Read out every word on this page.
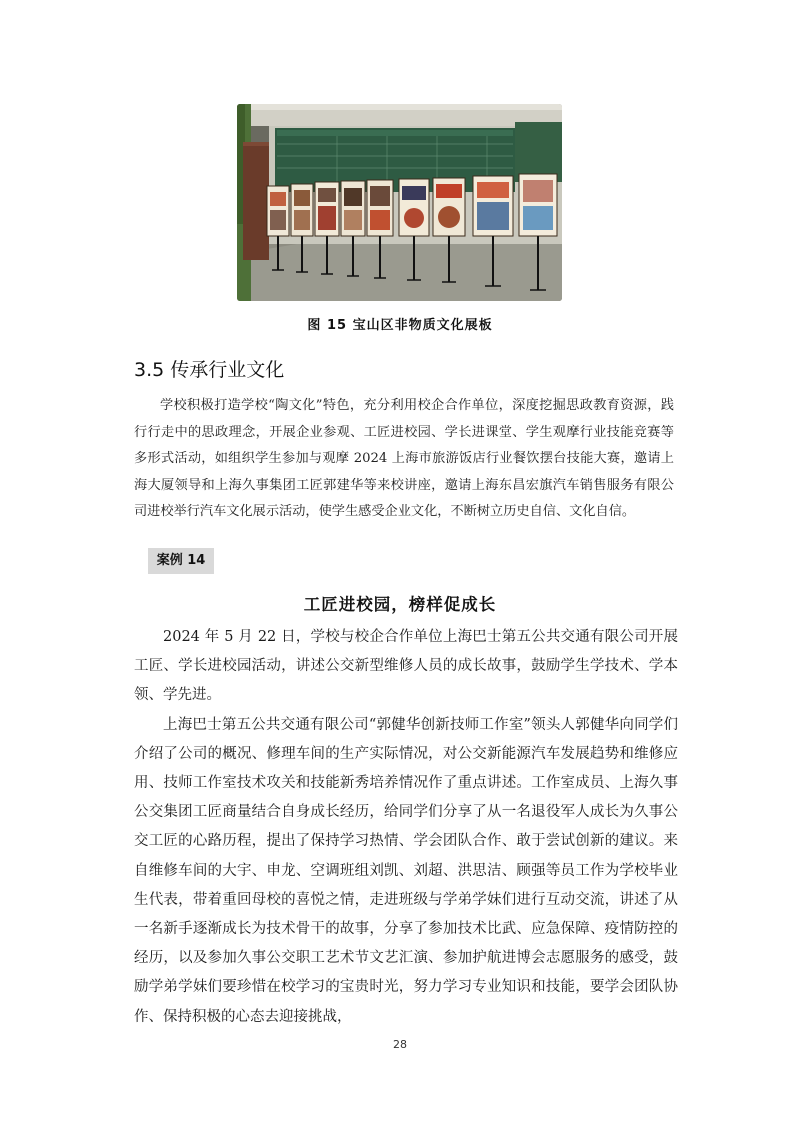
图 15 宝山区非物质文化展板
3.5 传承行业文化

学校积极打造学校“陶文化”特色，充分利用校企合作单位，深度挖掘思政教育资源，践行行走中的思政理念，开展企业参观、工匠进校园、学长进课堂、学生观摩行业技能竞赛等多形式活动，如组织学生参加与观摩 2024 上海市旅游饭店行业餐饮摆台技能大赛，邀请上海大厦领导和上海久事集团工匠郭建华等来校讲座，邀请上海东昌宏旗汽车销售服务有限公司进校举行汽车文化展示活动，使学生感受企业文化，不断树立历史自信、文化自信。

案例 14
工匠进校园，榜样促成长

2024 年 5 月 22 日，学校与校企合作单位上海巴士第五公共交通有限公司开展工匠、学长进校园活动，讲述公交新型维修人员的成长故事，鼓励学生学技术、学本领、学先进。

上海巴士第五公共交通有限公司“郭健华创新技师工作室”领头人郭健华向同学们介绍了公司的概况、修理车间的生产实际情况，对公交新能源汽车发展趋势和维修应用、技师工作室技术攻关和技能新秀培养情况作了重点讲述。工作室成员、上海久事公交集团工匠商量结合自身成长经历，给同学们分享了从一名退役军人成长为久事公交工匠的心路历程，提出了保持学习热情、学会团队合作、敢于尝试创新的建议。来自维修车间的大宇、申龙、空调班组刘凯、刘超、洪思洁、顾强等员工作为学校毕业生代表，带着重回母校的喜悦之情，走进班级与学弟学妹们进行互动交流，讲述了从一名新手逐渐成长为技术骨干的故事，分享了参加技术比武、应急保障、疫情防控的经历，以及参加久事公交职工艺术节文艺汇演、参加护航进博会志愿服务的感受，鼓励学弟学妹们要珍惜在校学习的宝贵时光，努力学习专业知识和技能，要学会团队协作、保持积极的心态去迎接挑战，

28
